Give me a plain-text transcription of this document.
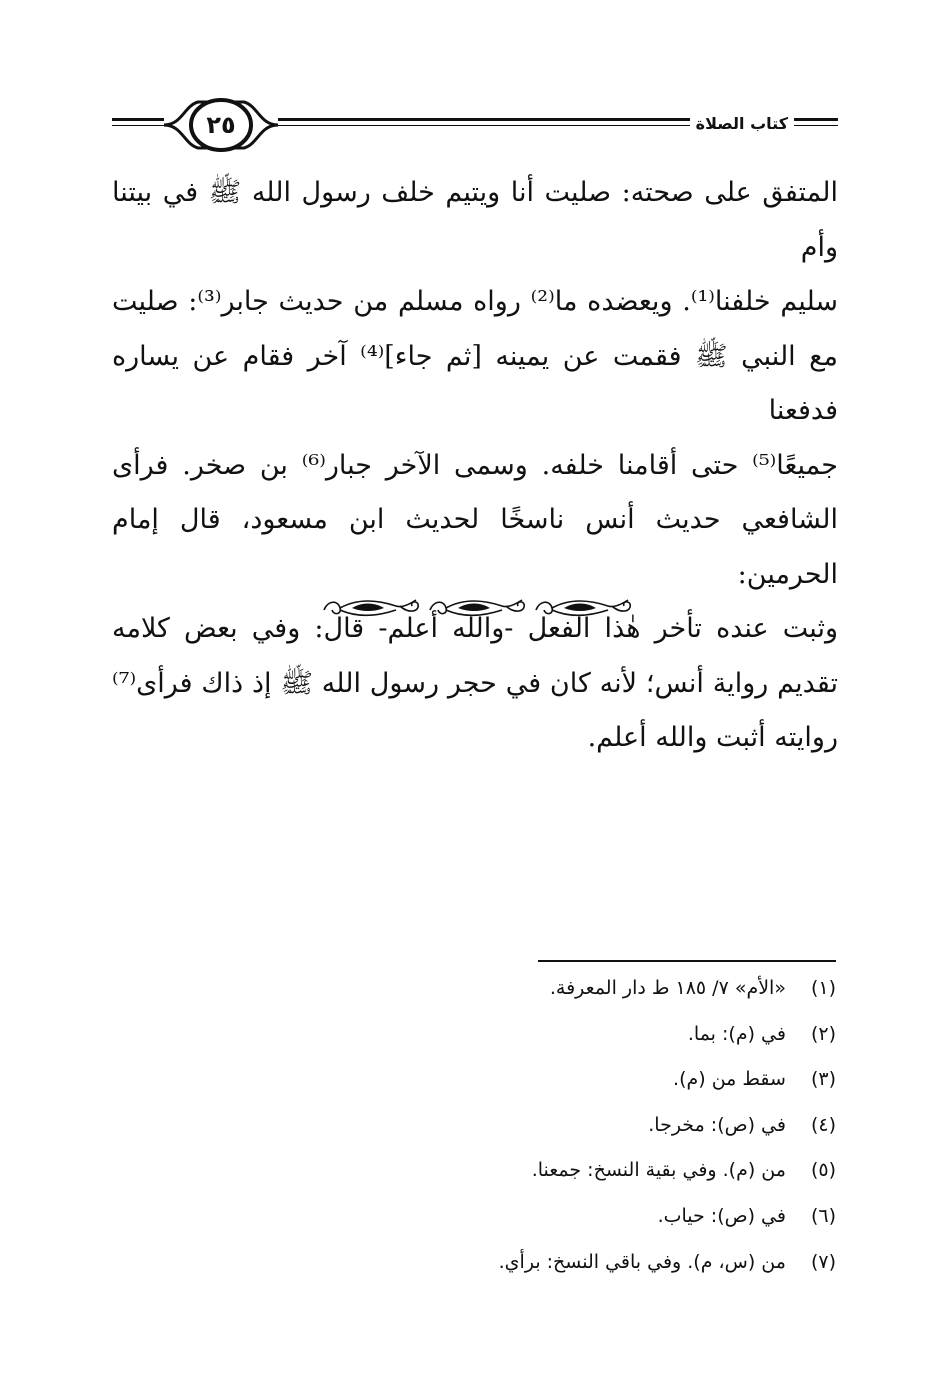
كتاب الصلاة
٢٥

المتفق على صحته: صليت أنا ويتيم خلف رسول الله ﷺ في بيتنا وأم
سليم خلفنا⁽¹⁾. ويعضده ما⁽²⁾ رواه مسلم من حديث جابر⁽³⁾: صليت
مع النبي ﷺ فقمت عن يمينه [ثم جاء]⁽⁴⁾ آخر فقام عن يساره فدفعنا
جميعًا⁽⁵⁾ حتى أقامنا خلفه. وسمى الآخر جبار⁽⁶⁾ بن صخر. فرأى
الشافعي حديث أنس ناسخًا لحديث ابن مسعود، قال إمام الحرمين:
وثبت عنده تأخر هٰذا الفعل -والله أعلم- قال: وفي بعض كلامه
تقديم رواية أنس؛ لأنه كان في حجر رسول الله ﷺ إذ ذاك فرأى⁽⁷⁾
روايته أثبت والله أعلم.

(١) «الأم» ٧/ ١٨٥ ط دار المعرفة.
(٢) في (م): بما.
(٣) سقط من (م).
(٤) في (ص): مخرجا.
(٥) من (م). وفي بقية النسخ: جمعنا.
(٦) في (ص): حياب.
(٧) من (س، م). وفي باقي النسخ: برأي.
